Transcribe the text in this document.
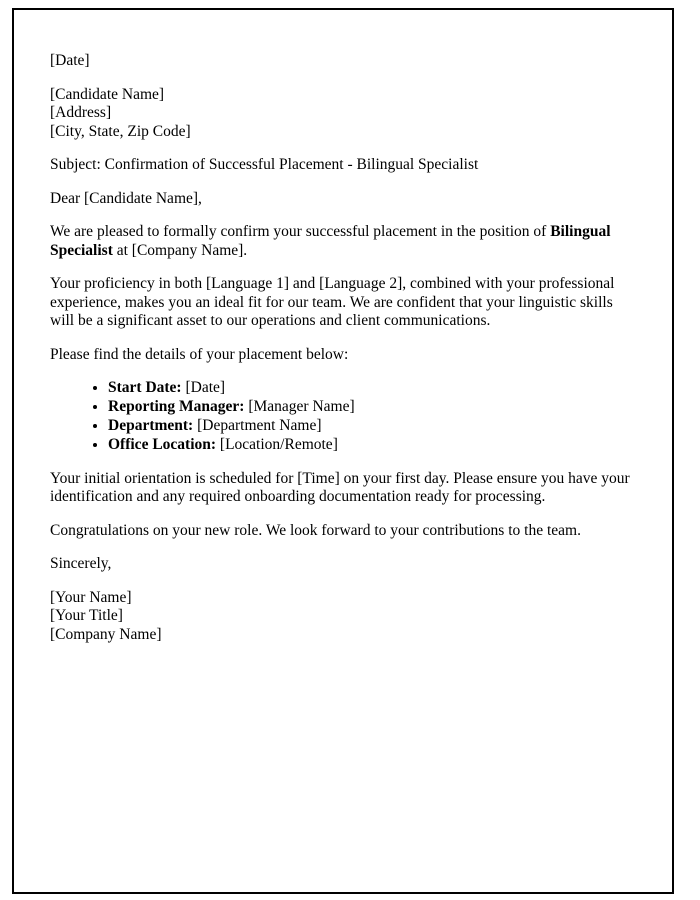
[Date]

[Candidate Name]

[Address]

[City, State, Zip Code]

Subject: Confirmation of Successful Placement - Bilingual Specialist

Dear [Candidate Name],

We are pleased to formally confirm your successful placement in the position of Bilingual Specialist at [Company Name].

Your proficiency in both [Language 1] and [Language 2], combined with your professional experience, makes you an ideal fit for our team. We are confident that your linguistic skills will be a significant asset to our operations and client communications.

Please find the details of your placement below:

• Start Date: [Date]
• Reporting Manager: [Manager Name]
• Department: [Department Name]
• Office Location: [Location/Remote]

Your initial orientation is scheduled for [Time] on your first day. Please ensure you have your identification and any required onboarding documentation ready for processing.

Congratulations on your new role. We look forward to your contributions to the team.

Sincerely,

[Your Name]

[Your Title]

[Company Name]
